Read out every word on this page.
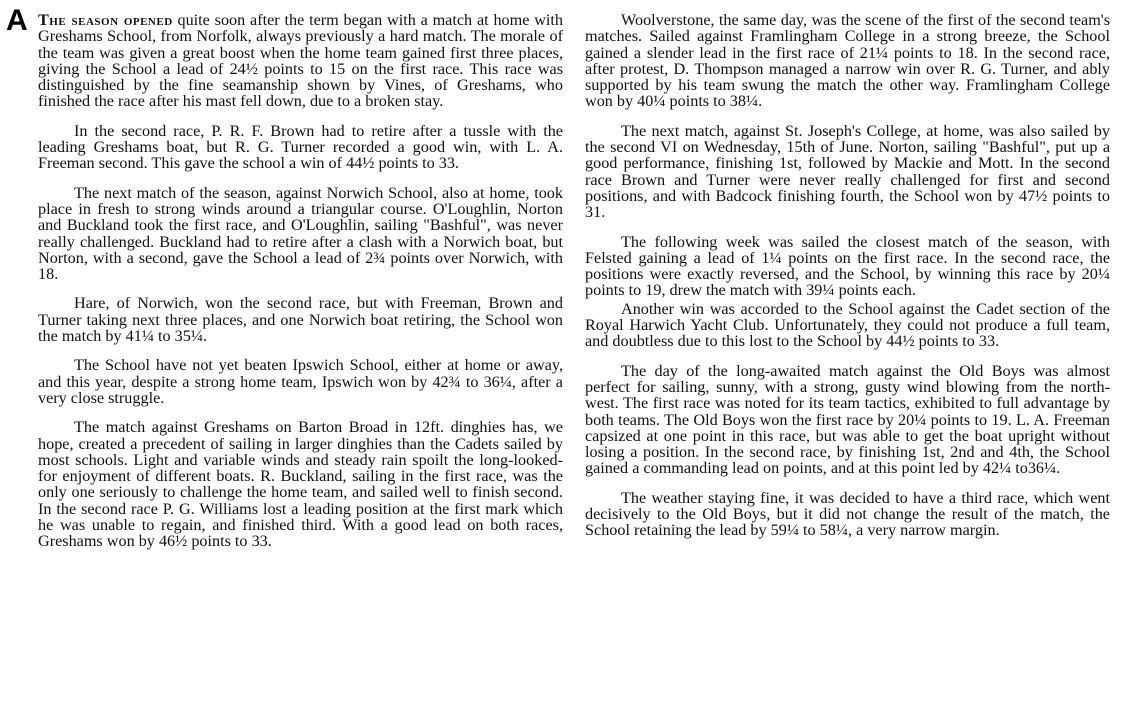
A The season opened quite soon after the term began with a match at home with Greshams School, from Norfolk, always previously a hard match. The morale of the team was given a great boost when the home team gained first three places, giving the School a lead of 24½ points to 15 on the first race. This race was distinguished by the fine seamanship shown by Vines, of Greshams, who finished the race after his mast fell down, due to a broken stay.

In the second race, P. R. F. Brown had to retire after a tussle with the leading Greshams boat, but R. G. Turner recorded a good win, with L. A. Freeman second. This gave the school a win of 44½ points to 33.

The next match of the season, against Norwich School, also at home, took place in fresh to strong winds around a triangular course. O'Loughlin, Norton and Buckland took the first race, and O'Loughlin, sailing "Bashful", was never really challenged. Buckland had to retire after a clash with a Norwich boat, but Norton, with a second, gave the School a lead of 2¾ points over Norwich, with 18.

Hare, of Norwich, won the second race, but with Freeman, Brown and Turner taking next three places, and one Norwich boat retiring, the School won the match by 41¼ to 35¼.

The School have not yet beaten Ipswich School, either at home or away, and this year, despite a strong home team, Ipswich won by 42¾ to 36¼, after a very close struggle.

The match against Greshams on Barton Broad in 12ft. dinghies has, we hope, created a precedent of sailing in larger dinghies than the Cadets sailed by most schools. Light and variable winds and steady rain spoilt the long-looked-for enjoyment of different boats. R. Buckland, sailing in the first race, was the only one seriously to challenge the home team, and sailed well to finish second. In the second race P. G. Williams lost a leading position at the first mark which he was unable to regain, and finished third. With a good lead on both races, Greshams won by 46½ points to 33.

Woolverstone, the same day, was the scene of the first of the second team's matches. Sailed against Framlingham College in a strong breeze, the School gained a slender lead in the first race of 21¼ points to 18. In the second race, after protest, D. Thompson managed a narrow win over R. G. Turner, and ably supported by his team swung the match the other way. Framlingham College won by 40¼ points to 38¼.

The next match, against St. Joseph's College, at home, was also sailed by the second VI on Wednesday, 15th of June. Norton, sailing "Bashful", put up a good performance, finishing 1st, followed by Mackie and Mott. In the second race Brown and Turner were never really challenged for first and second positions, and with Badcock finishing fourth, the School won by 47½ points to 31.

The following week was sailed the closest match of the season, with Felsted gaining a lead of 1¼ points on the first race. In the second race, the positions were exactly reversed, and the School, by winning this race by 20¼ points to 19, drew the match with 39¼ points each.

Another win was accorded to the School against the Cadet section of the Royal Harwich Yacht Club. Unfortunately, they could not produce a full team, and doubtless due to this lost to the School by 44½ points to 33.

The day of the long-awaited match against the Old Boys was almost perfect for sailing, sunny, with a strong, gusty wind blowing from the north-west. The first race was noted for its team tactics, exhibited to full advantage by both teams. The Old Boys won the first race by 20¼ points to 19. L. A. Freeman capsized at one point in this race, but was able to get the boat upright without losing a position. In the second race, by finishing 1st, 2nd and 4th, the School gained a commanding lead on points, and at this point led by 42¼ to36¼.

The weather staying fine, it was decided to have a third race, which went decisively to the Old Boys, but it did not change the result of the match, the School retaining the lead by 59¼ to 58¼, a very narrow margin.
